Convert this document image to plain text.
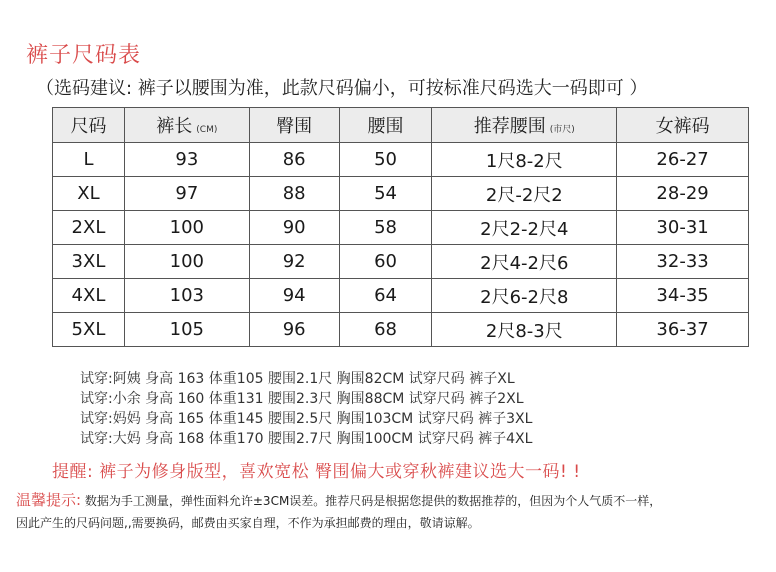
裤子尺码表
（选码建议: 裤子以腰围为准，此款尺码偏小，可按标准尺码选大一码即可 ）
尺码	裤长 (CM)	臀围	腰围	推荐腰围 (市尺)	女裤码
L	93	86	50	1尺8-2尺	26-27
XL	97	88	54	2尺-2尺2	28-29
2XL	100	90	58	2尺2-2尺4	30-31
3XL	100	92	60	2尺4-2尺6	32-33
4XL	103	94	64	2尺6-2尺8	34-35
5XL	105	96	68	2尺8-3尺	36-37
试穿:阿姨 身高 163 体重105 腰围2.1尺 胸围82CM 试穿尺码 裤子XL
试穿:小余 身高 160 体重131 腰围2.3尺 胸围88CM 试穿尺码 裤子2XL
试穿:妈妈 身高 165 体重145 腰围2.5尺 胸围103CM 试穿尺码 裤子3XL
试穿:大妈 身高 168 体重170 腰围2.7尺 胸围100CM 试穿尺码 裤子4XL
提醒: 裤子为修身版型，喜欢宽松 臀围偏大或穿秋裤建议选大一码! !
温馨提示: 数据为手工测量，弹性面料允许±3CM误差。推荐尺码是根据您提供的数据推荐的，但因为个人气质不一样，
因此产生的尺码问题,,需要换码，邮费由买家自理，不作为承担邮费的理由，敬请谅解。
